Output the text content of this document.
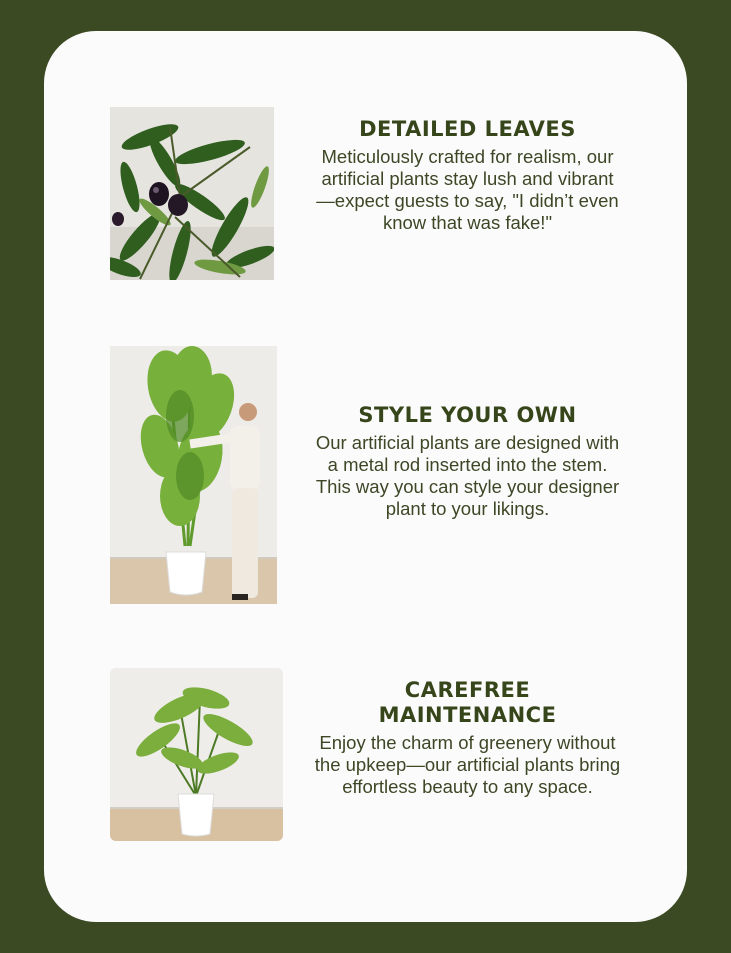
DETAILED LEAVES

Meticulously crafted for realism, our artificial plants stay lush and vibrant—expect guests to say, "I didn’t even know that was fake!"

STYLE YOUR OWN

Our artificial plants are designed with a metal rod inserted into the stem. This way you can style your designer plant to your likings.

CAREFREE MAINTENANCE

Enjoy the charm of greenery without the upkeep—our artificial plants bring effortless beauty to any space.
